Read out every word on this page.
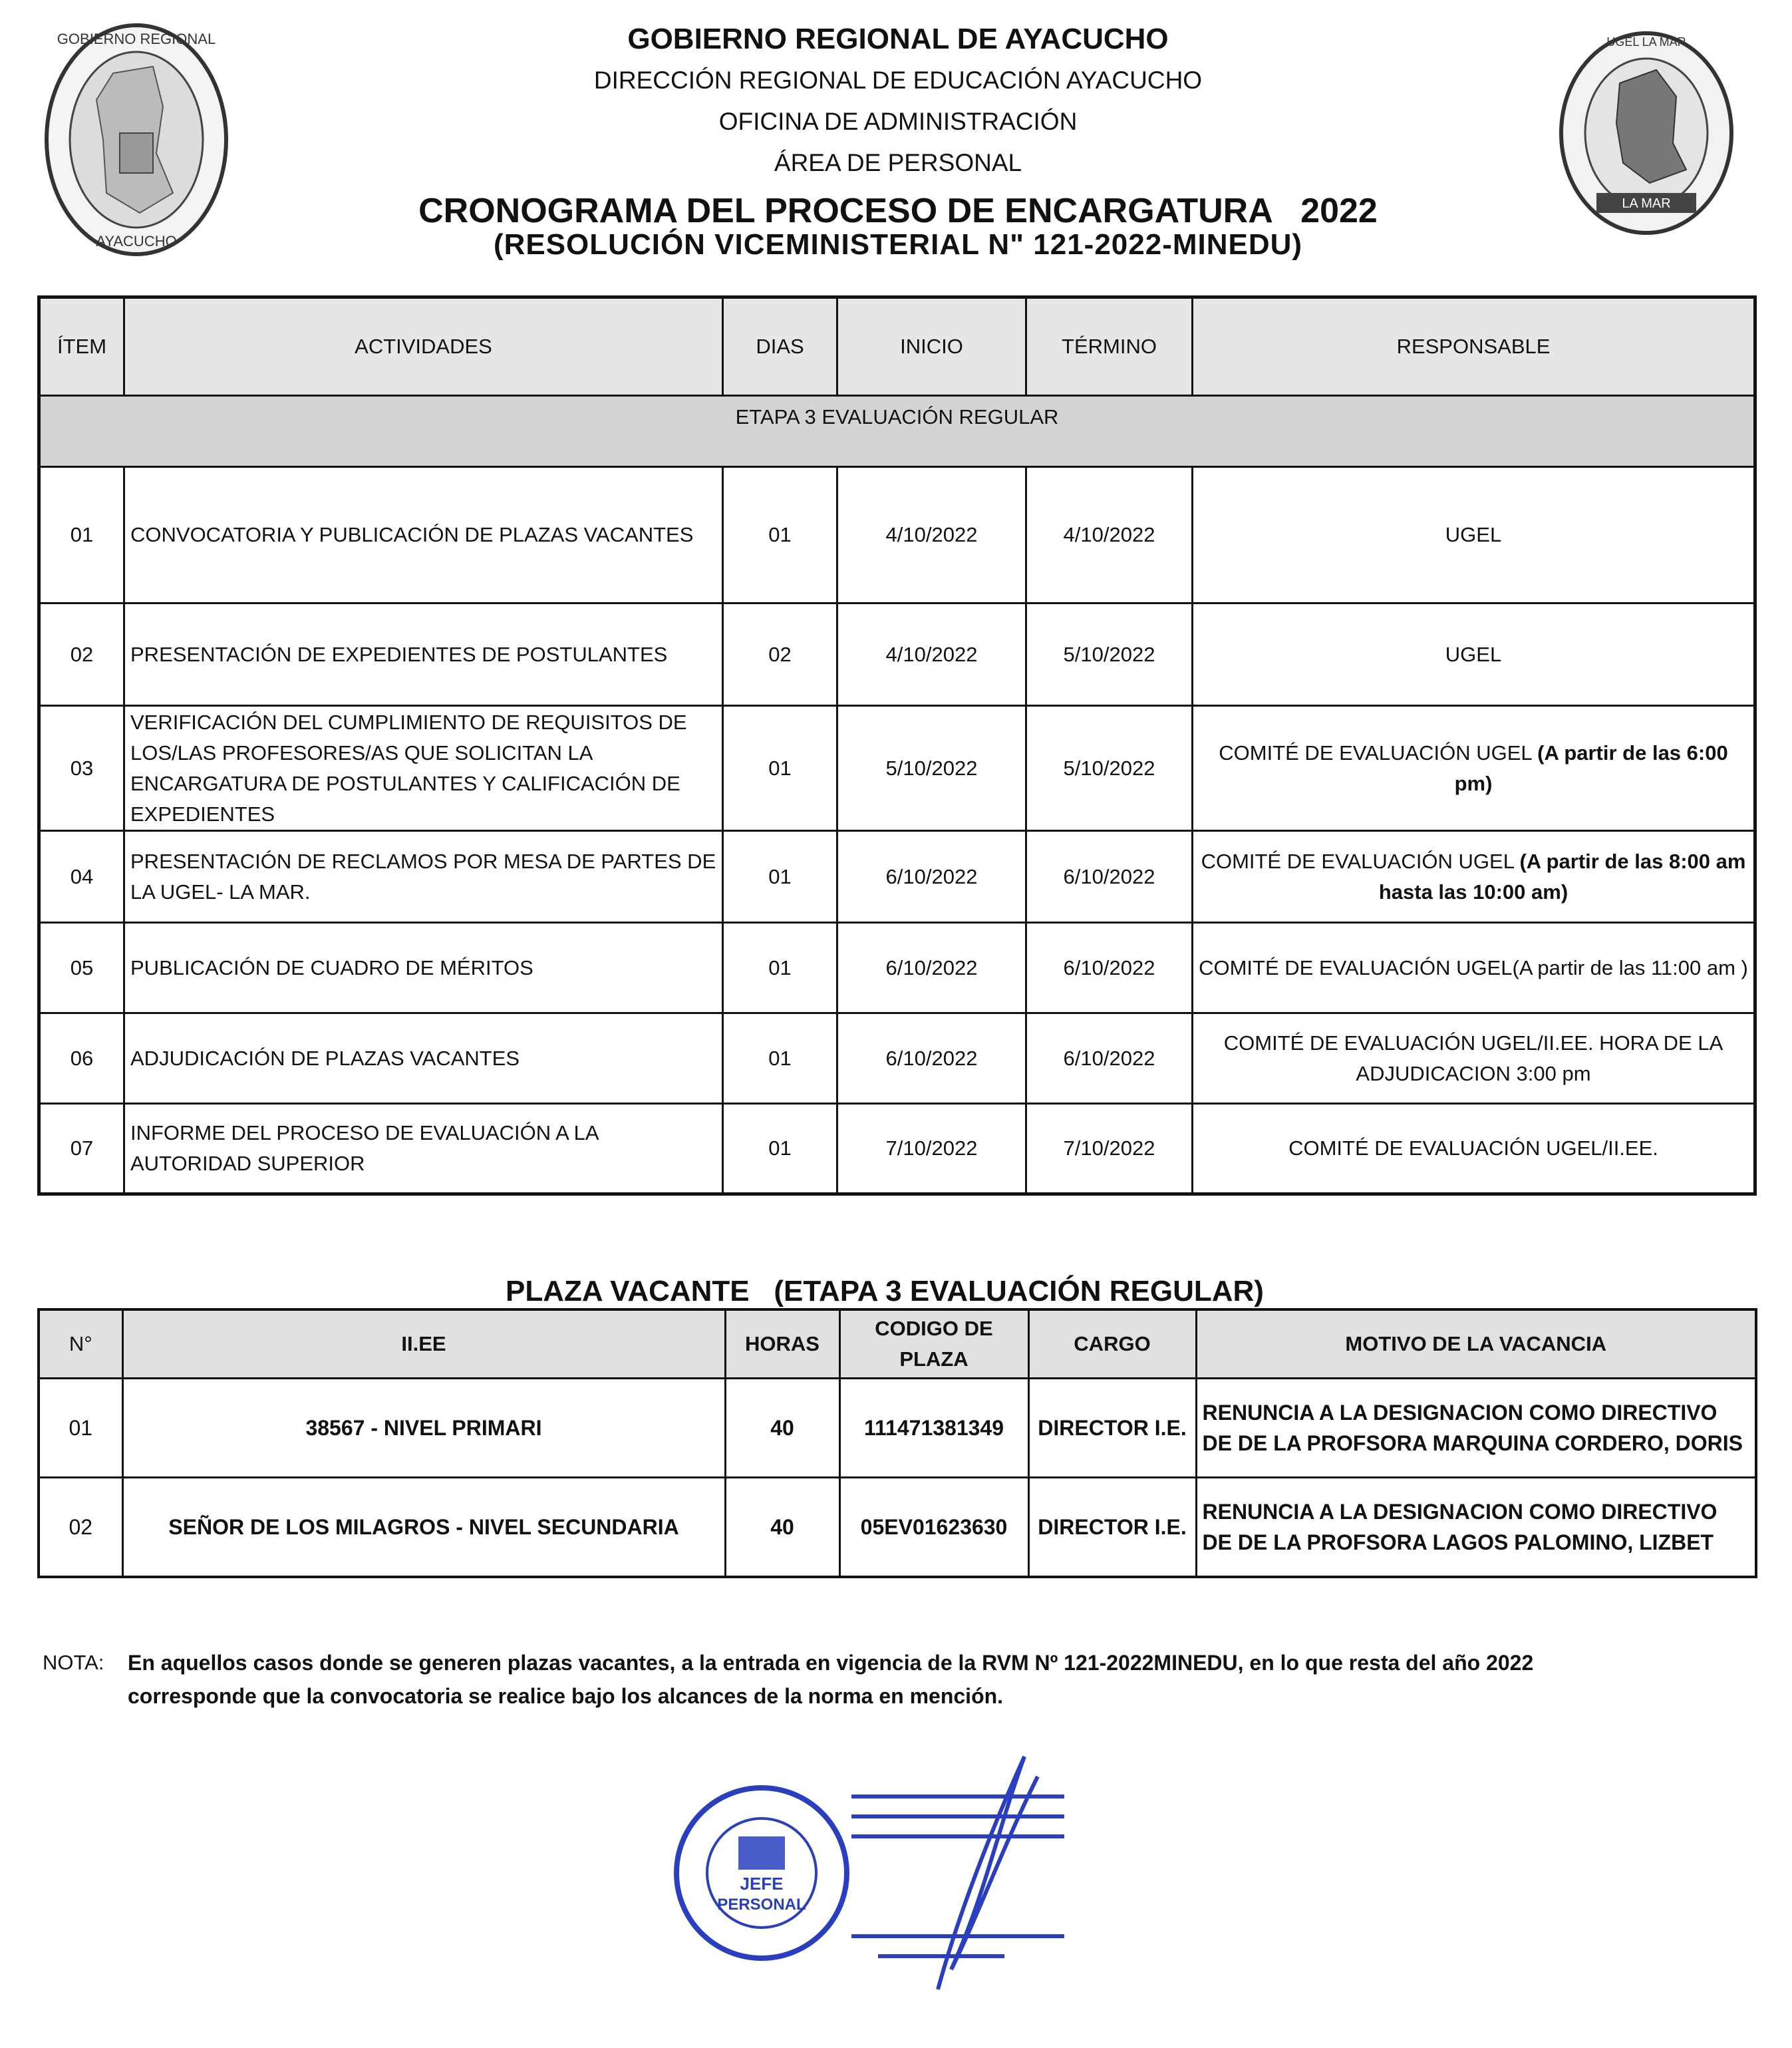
GOBIERNO REGIONAL
AYACUCHO
LA MAR
UGEL LA MAR
GOBIERNO REGIONAL DE AYACUCHO
DIRECCIÓN REGIONAL DE EDUCACIÓN AYACUCHO
OFICINA DE ADMINISTRACIÓN
ÁREA DE PERSONAL
CRONOGRAMA DEL PROCESO DE ENCARGATURA   2022
(RESOLUCIÓN VICEMINISTERIAL N" 121-2022-MINEDU)
ÍTEM	ACTIVIDADES	DIAS	INICIO	TÉRMINO	RESPONSABLE
ETAPA 3 EVALUACIÓN REGULAR					
01	CONVOCATORIA Y PUBLICACIÓN DE PLAZAS VACANTES	01	4/10/2022	4/10/2022	UGEL
02	PRESENTACIÓN DE EXPEDIENTES DE POSTULANTES	02	4/10/2022	5/10/2022	UGEL
03	VERIFICACIÓN DEL CUMPLIMIENTO DE REQUISITOS DE LOS/LAS PROFESORES/AS QUE SOLICITAN LA ENCARGATURA DE POSTULANTES Y CALIFICACIÓN DE EXPEDIENTES	01	5/10/2022	5/10/2022	COMITÉ DE EVALUACIÓN UGEL (A partir de las 6:00 pm)
04	PRESENTACIÓN DE RECLAMOS POR MESA DE PARTES DE LA UGEL- LA MAR.	01	6/10/2022	6/10/2022	COMITÉ DE EVALUACIÓN UGEL (A partir de las 8:00 am hasta las 10:00 am)
05	PUBLICACIÓN DE CUADRO DE MÉRITOS	01	6/10/2022	6/10/2022	COMITÉ DE EVALUACIÓN UGEL(A partir de las 11:00 am )
06	ADJUDICACIÓN DE PLAZAS VACANTES	01	6/10/2022	6/10/2022	COMITÉ DE EVALUACIÓN UGEL/II.EE. HORA DE LA ADJUDICACION 3:00 pm
07	INFORME DEL PROCESO DE EVALUACIÓN A LA AUTORIDAD SUPERIOR	01	7/10/2022	7/10/2022	COMITÉ DE EVALUACIÓN UGEL/II.EE.
PLAZA VACANTE   (ETAPA 3 EVALUACIÓN REGULAR)
N°	II.EE	HORAS	CODIGO DE PLAZA	CARGO	MOTIVO DE LA VACANCIA
01	38567 - NIVEL PRIMARI	40	111471381349	DIRECTOR I.E.	RENUNCIA A LA DESIGNACION COMO DIRECTIVO DE DE LA PROFSORA MARQUINA CORDERO, DORIS
02	SEÑOR DE LOS MILAGROS - NIVEL SECUNDARIA	40	05EV01623630	DIRECTOR I.E.	RENUNCIA A LA DESIGNACION COMO DIRECTIVO DE DE LA PROFSORA LAGOS PALOMINO, LIZBET
NOTA: En aquellos casos donde se generen plazas vacantes, a la entrada en vigencia de la RVM Nº 121-2022MINEDU, en lo que resta del año 2022 corresponde que la convocatoria se realice bajo los alcances de la norma en mención.
JEFE
PERSONAL
